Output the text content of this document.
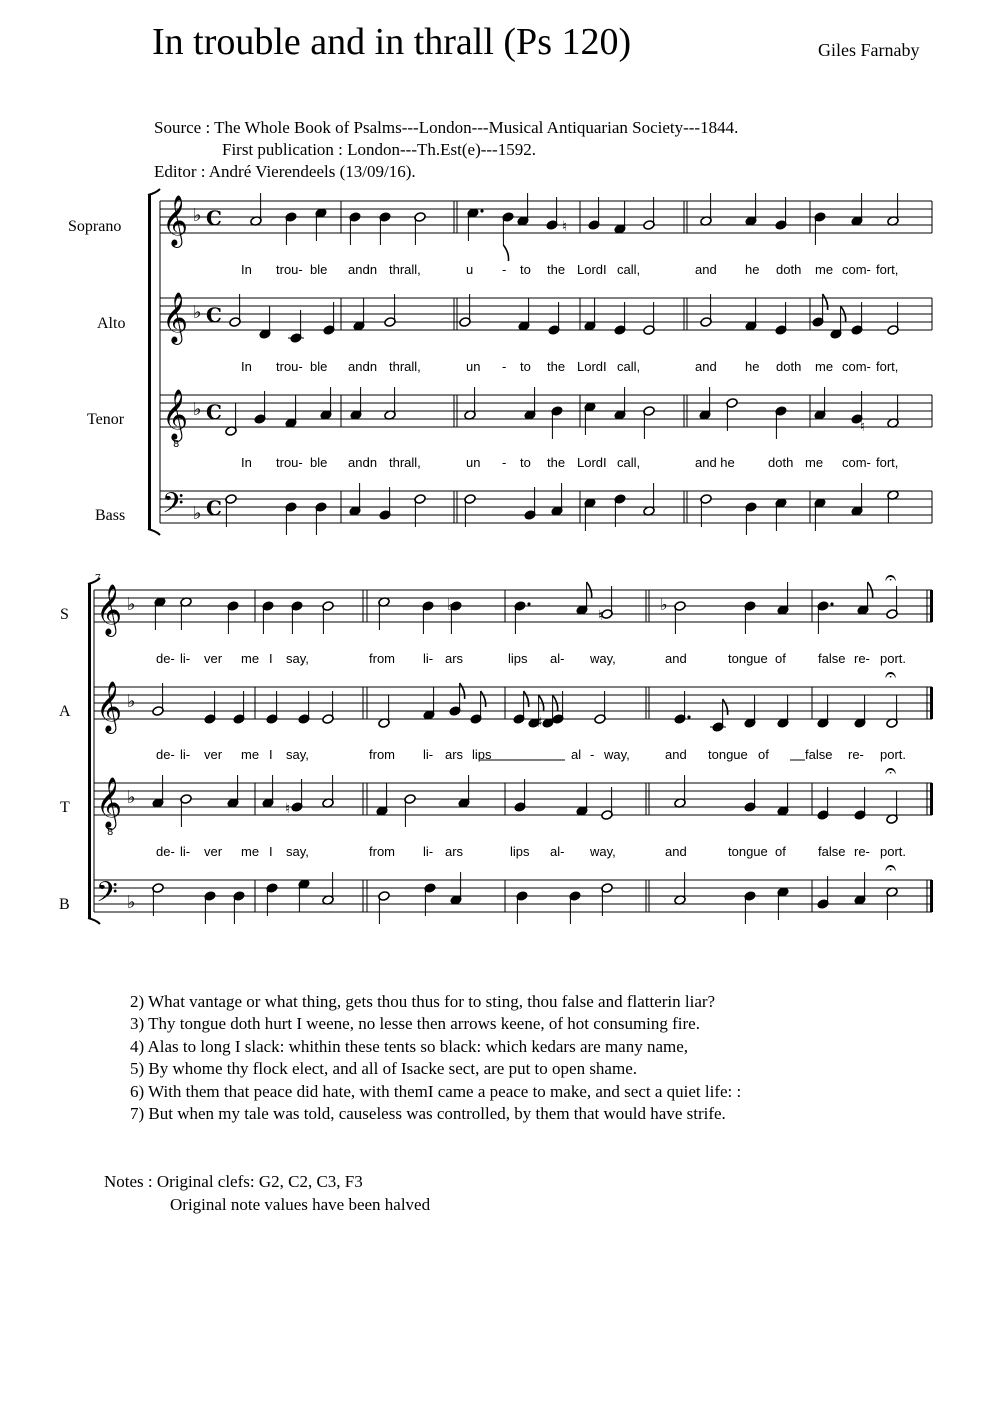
In trouble and in thrall (Ps 120)	Giles Farnaby
Source : The Whole Book of Psalms---London---Musical Antiquarian Society---1844.
First publication : London---Th.Est(e)---1592.
Editor : André Vierendeels (13/09/16).
Soprano
Alto
Tenor
Bass
S
A
T
B
7
𝄞 ♭ C
𝄞 ♭ C
𝄞
8
♭ C
𝄢 ♭ C
𝄞 ♭
𝄞 ♭
𝄞
8
♭
𝄢 ♭
𝄐
𝄐
𝄐
𝄐
♮
♮
♭
♮
♭
♯
♮
In trou- ble and
in thrall,	u - to the Lord I call,	and he doth me com- fort,
In trou- ble and
in thrall,	un - to the Lord I call,	and he doth me com- fort,
In trou- ble and
in thrall,	un - to the Lord I call,	and he	doth me com- fort,
de- li- ver me I say,	from li- ars	lips al- way,	and	tongue of false re- port.
de- li- ver me I say,	from li- ars lips	al - way,	and tongue of	false re- port.
de- li- ver me I say,	from li- ars	lips al- way,	and	tongue of false re- port.
2) What vantage or what thing, gets thou thus for to sting, thou false and flatterin liar?
3) Thy tongue doth hurt I weene, no lesse then arrows keene, of hot consuming fire.
4) Alas to long I slack: whithin these tents so black: which kedars are many name,
5) By whome thy flock elect, and all of Isacke sect, are put to open shame.
6) With them that peace did hate, with themI came a peace to make, and sect a quiet life: :
7) But when my tale was told, causeless was controlled, by them that would have strife.
Notes : Original clefs: G2, C2, C3, F3
Original note values have been halved
